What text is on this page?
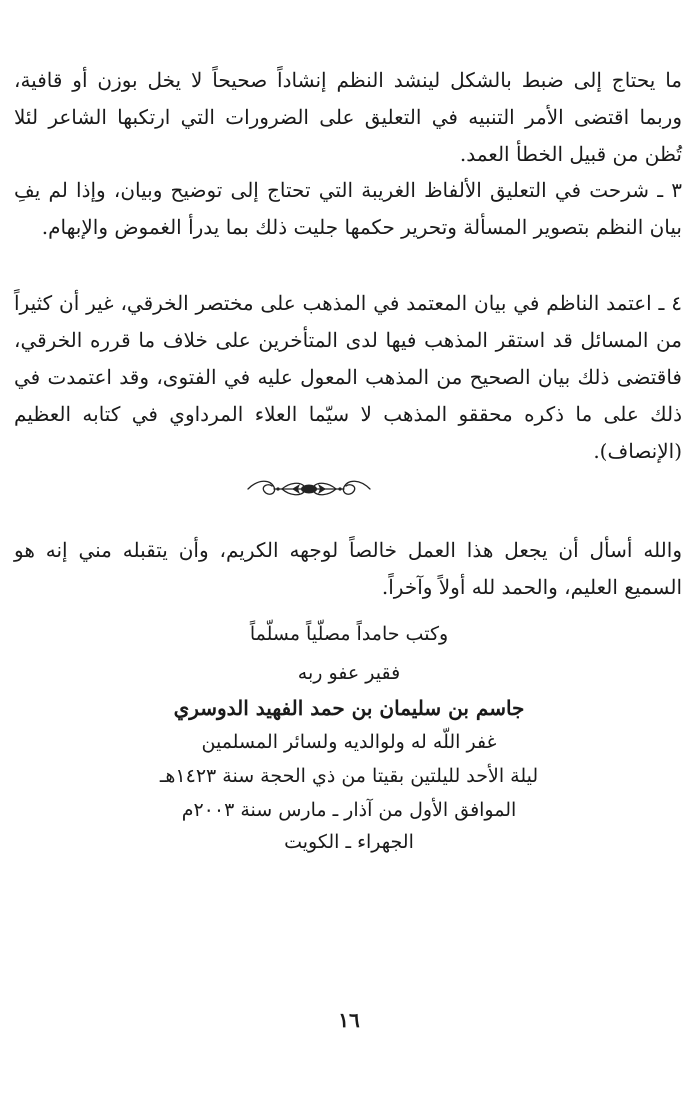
ما يحتاج إلى ضبط بالشكل لينشد النظم إنشاداً صحيحاً لا يخل بوزن أو قافية، وربما اقتضى الأمر التنبيه في التعليق على الضرورات التي ارتكبها الشاعر لئلا تُظن من قبيل الخطأ العمد.

٣ ـ شرحت في التعليق الألفاظ الغريبة التي تحتاج إلى توضيح وبيان، وإذا لم يفِ بيان النظم بتصوير المسألة وتحرير حكمها جليت ذلك بما يدرأ الغموض والإبهام.

٤ ـ اعتمد الناظم في بيان المعتمد في المذهب على مختصر الخرقي، غير أن كثيراً من المسائل قد استقر المذهب فيها لدى المتأخرين على خلاف ما قرره الخرقي، فاقتضى ذلك بيان الصحيح من المذهب المعول عليه في الفتوى، وقد اعتمدت في ذلك على ما ذكره محققو المذهب لا سيّما العلاء المرداوي في كتابه العظيم (الإنصاف).

والله أسأل أن يجعل هذا العمل خالصاً لوجهه الكريم، وأن يتقبله مني إنه هو السميع العليم، والحمد لله أولاً وآخراً.

وكتب حامداً مصلّياً مسلّماً
فقير عفو ربه
جاسم بن سليمان بن حمد الفهيد الدوسري
غفر اللّه له ولوالديه ولسائر المسلمين
ليلة الأحد لليلتين بقيتا من ذي الحجة سنة ١٤٢٣هـ
الموافق الأول من آذار ـ مارس سنة ٢٠٠٣م
الجهراء ـ الكويت
١٦
